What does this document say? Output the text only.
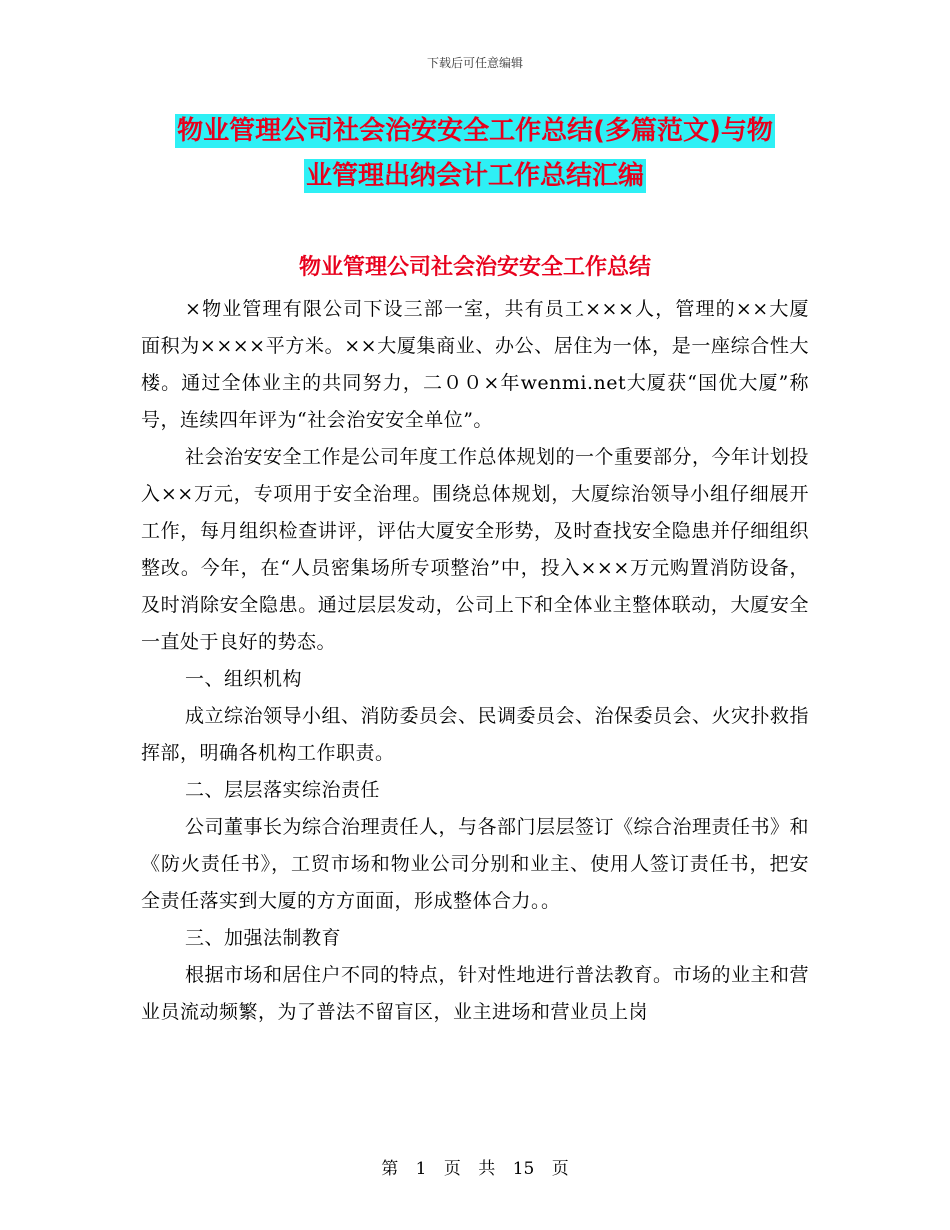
下载后可任意编辑
物业管理公司社会治安安全工作总结(多篇范文)与物
业管理出纳会计工作总结汇编
物业管理公司社会治安安全工作总结

×物业管理有限公司下设三部一室，共有员工×××人，管理的××大厦面积为××××平方米。××大厦集商业、办公、居住为一体，是一座综合性大楼。通过全体业主的共同努力，二００×年wenmi.net大厦获“国优大厦”称号，连续四年评为“社会治安安全单位”。

社会治安安全工作是公司年度工作总体规划的一个重要部分，今年计划投入××万元，专项用于安全治理。围绕总体规划，大厦综治领导小组仔细展开工作，每月组织检查讲评，评估大厦安全形势，及时查找安全隐患并仔细组织整改。今年，在“人员密集场所专项整治”中，投入×××万元购置消防设备，及时消除安全隐患。通过层层发动，公司上下和全体业主整体联动，大厦安全一直处于良好的势态。

一、组织机构

成立综治领导小组、消防委员会、民调委员会、治保委员会、火灾扑救指挥部，明确各机构工作职责。

二、层层落实综治责任

公司董事长为综合治理责任人，与各部门层层签订《综合治理责任书》和《防火责任书》，工贸市场和物业公司分别和业主、使用人签订责任书，把安全责任落实到大厦的方方面面，形成整体合力。。

三、加强法制教育

根据市场和居住户不同的特点，针对性地进行普法教育。市场的业主和营业员流动频繁，为了普法不留盲区，业主进场和营业员上岗

第 1 页 共 15 页
